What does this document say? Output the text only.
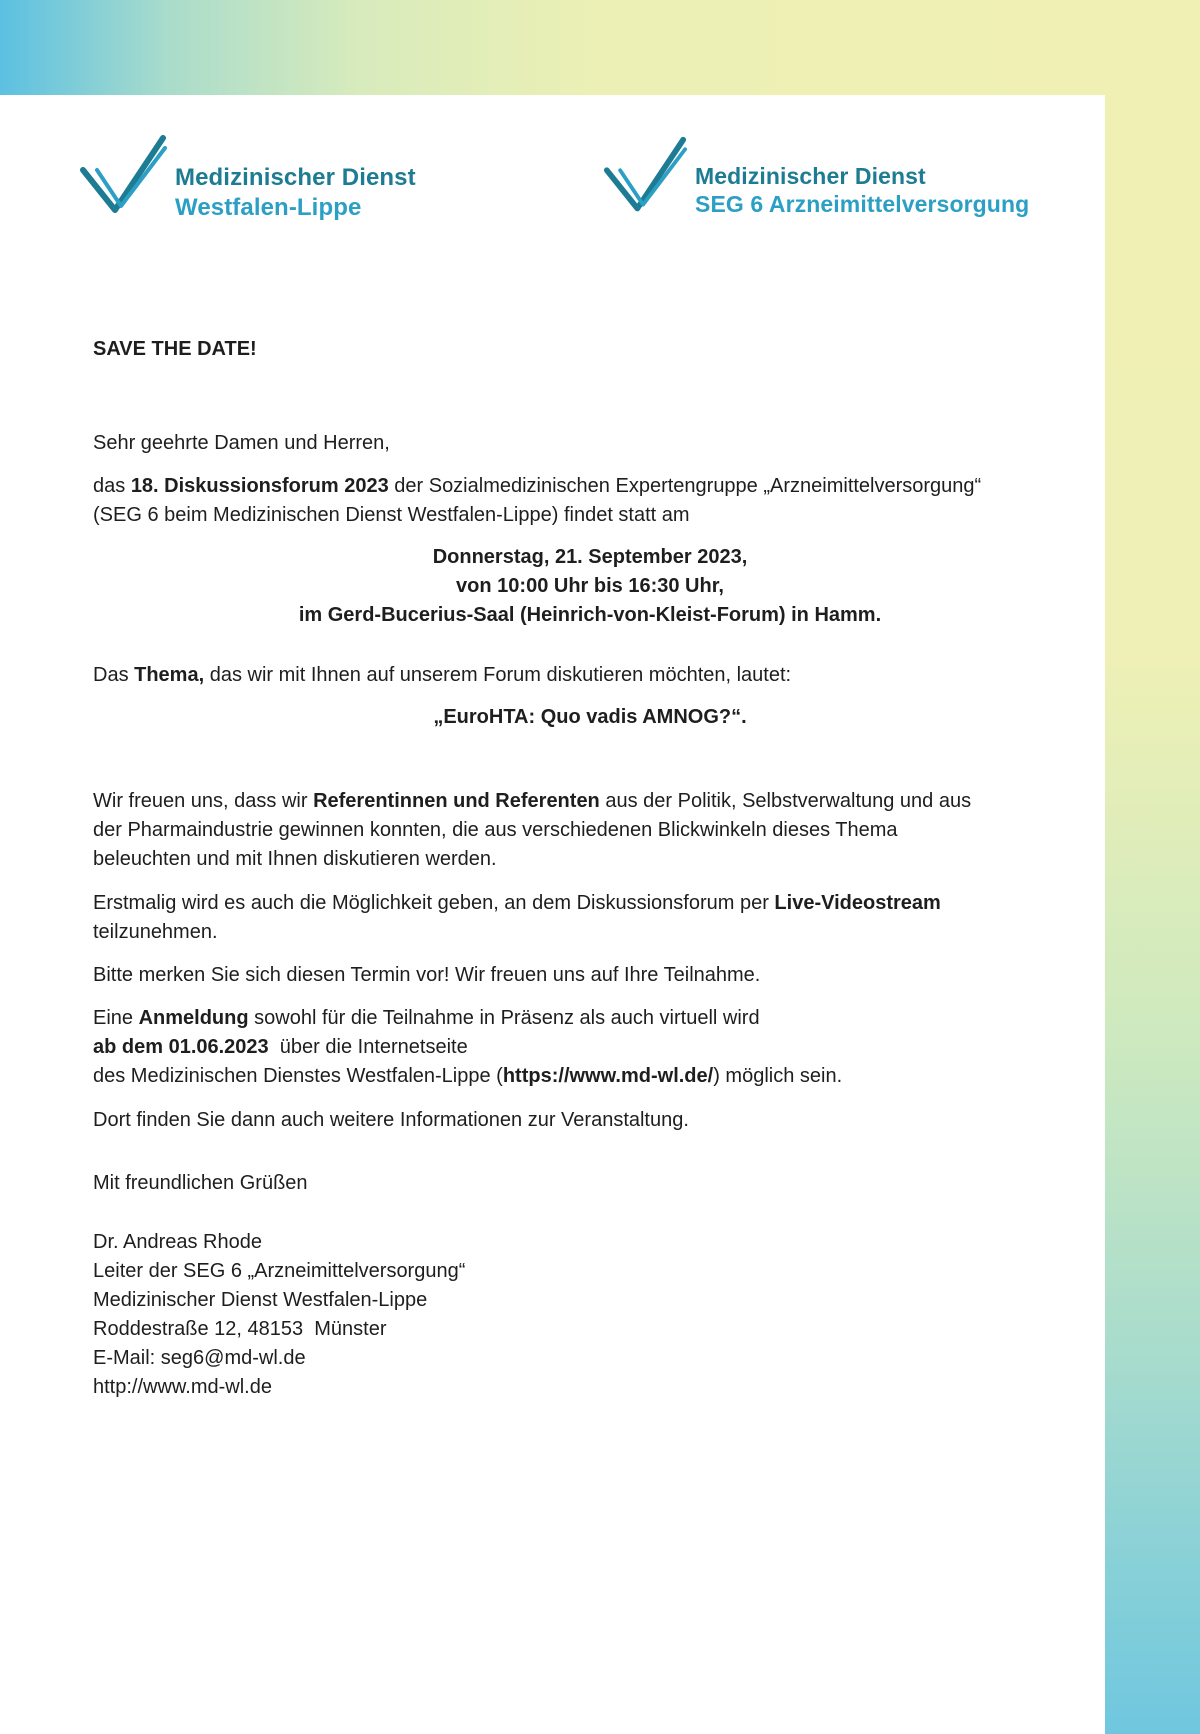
Medizinischer Dienst
Westfalen-Lippe
Medizinischer Dienst
SEG 6 Arzneimittelversorgung
SAVE THE DATE!
Sehr geehrte Damen und Herren,
das 18. Diskussionsforum 2023 der Sozialmedizinischen Expertengruppe „Arzneimittelversorgung“
(SEG 6 beim Medizinischen Dienst Westfalen-Lippe) findet statt am
Donnerstag, 21. September 2023,
von 10:00 Uhr bis 16:30 Uhr,
im Gerd-Bucerius-Saal (Heinrich-von-Kleist-Forum) in Hamm.
Das Thema, das wir mit Ihnen auf unserem Forum diskutieren möchten, lautet:
„EuroHTA: Quo vadis AMNOG?“.
Wir freuen uns, dass wir Referentinnen und Referenten aus der Politik, Selbstverwaltung und aus
der Pharmaindustrie gewinnen konnten, die aus verschiedenen Blickwinkeln dieses Thema
beleuchten und mit Ihnen diskutieren werden.
Erstmalig wird es auch die Möglichkeit geben, an dem Diskussionsforum per Live-Videostream
teilzunehmen.
Bitte merken Sie sich diesen Termin vor! Wir freuen uns auf Ihre Teilnahme.
Eine Anmeldung sowohl für die Teilnahme in Präsenz als auch virtuell wird
ab dem 01.06.2023  über die Internetseite
des Medizinischen Dienstes Westfalen-Lippe (https://www.md-wl.de/) möglich sein.
Dort finden Sie dann auch weitere Informationen zur Veranstaltung.
Mit freundlichen Grüßen
Dr. Andreas Rhode
Leiter der SEG 6 „Arzneimittelversorgung“
Medizinischer Dienst Westfalen-Lippe
Roddestraße 12, 48153  Münster
E-Mail: seg6@md-wl.de
http://www.md-wl.de
